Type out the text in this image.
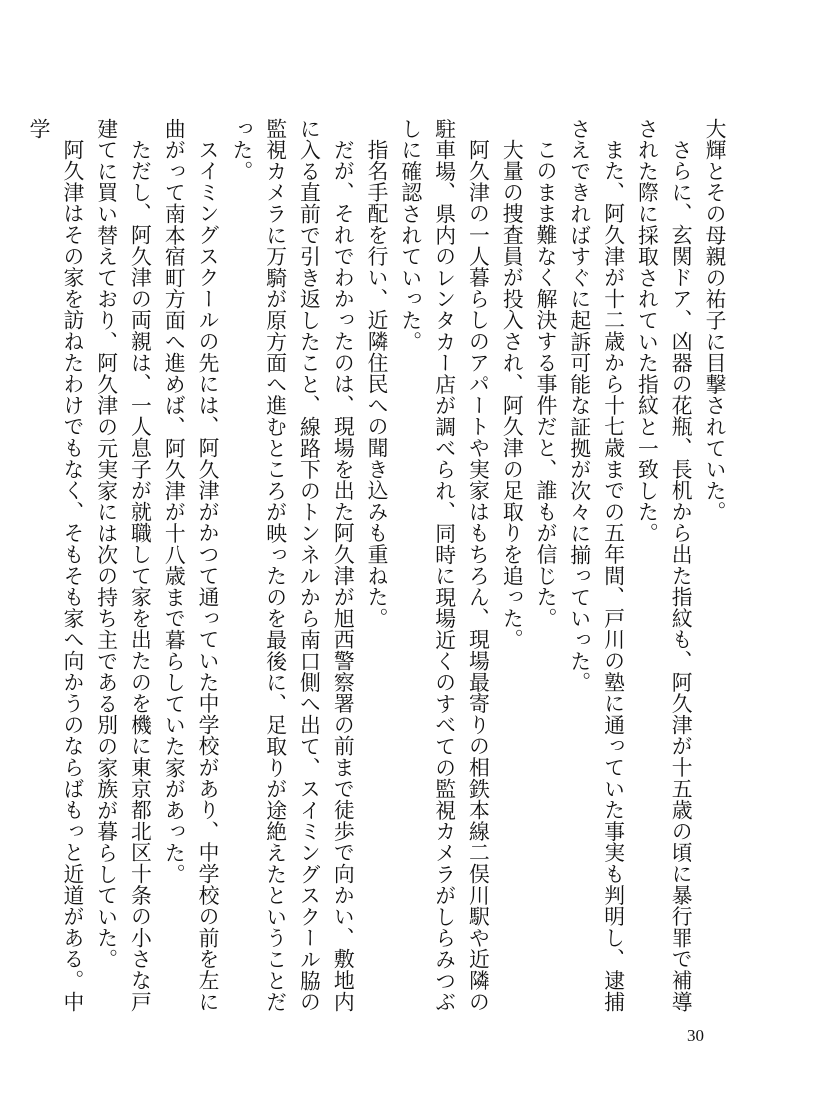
大輝とその母親の祐子に目撃されていた。

さらに、玄関ドア、凶器の花瓶、長机から出た指紋も、阿久津が十五歳の頃に暴行罪で補導された際に採取されていた指紋と一致した。

また、阿久津が十二歳から十七歳までの五年間、戸川の塾に通っていた事実も判明し、逮捕さえできればすぐに起訴可能な証拠が次々に揃っていった。

このまま難なく解決する事件だと、誰もが信じた。

大量の捜査員が投入され、阿久津の足取りを追った。

阿久津の一人暮らしのアパートや実家はもちろん、現場最寄りの相鉄本線二俣川駅や近隣の駐車場、県内のレンタカー店が調べられ、同時に現場近くのすべての監視カメラがしらみつぶしに確認されていった。

指名手配を行い、近隣住民への聞き込みも重ねた。

だが、それでわかったのは、現場を出た阿久津が旭西警察署の前まで徒歩で向かい、敷地内に入る直前で引き返したこと、線路下のトンネルから南口側へ出て、スイミングスクール脇の監視カメラに万騎が原方面へ進むところが映ったのを最後に、足取りが途絶えたということだった。

スイミングスクールの先には、阿久津がかつて通っていた中学校があり、中学校の前を左に曲がって南本宿町方面へ進めば、阿久津が十八歳まで暮らしていた家があった。

ただし、阿久津の両親は、一人息子が就職して家を出たのを機に東京都北区十条の小さな戸建てに買い替えており、阿久津の元実家には次の持ち主である別の家族が暮らしていた。

阿久津はその家を訪ねたわけでもなく、そもそも家へ向かうのならばもっと近道がある。中学

30
